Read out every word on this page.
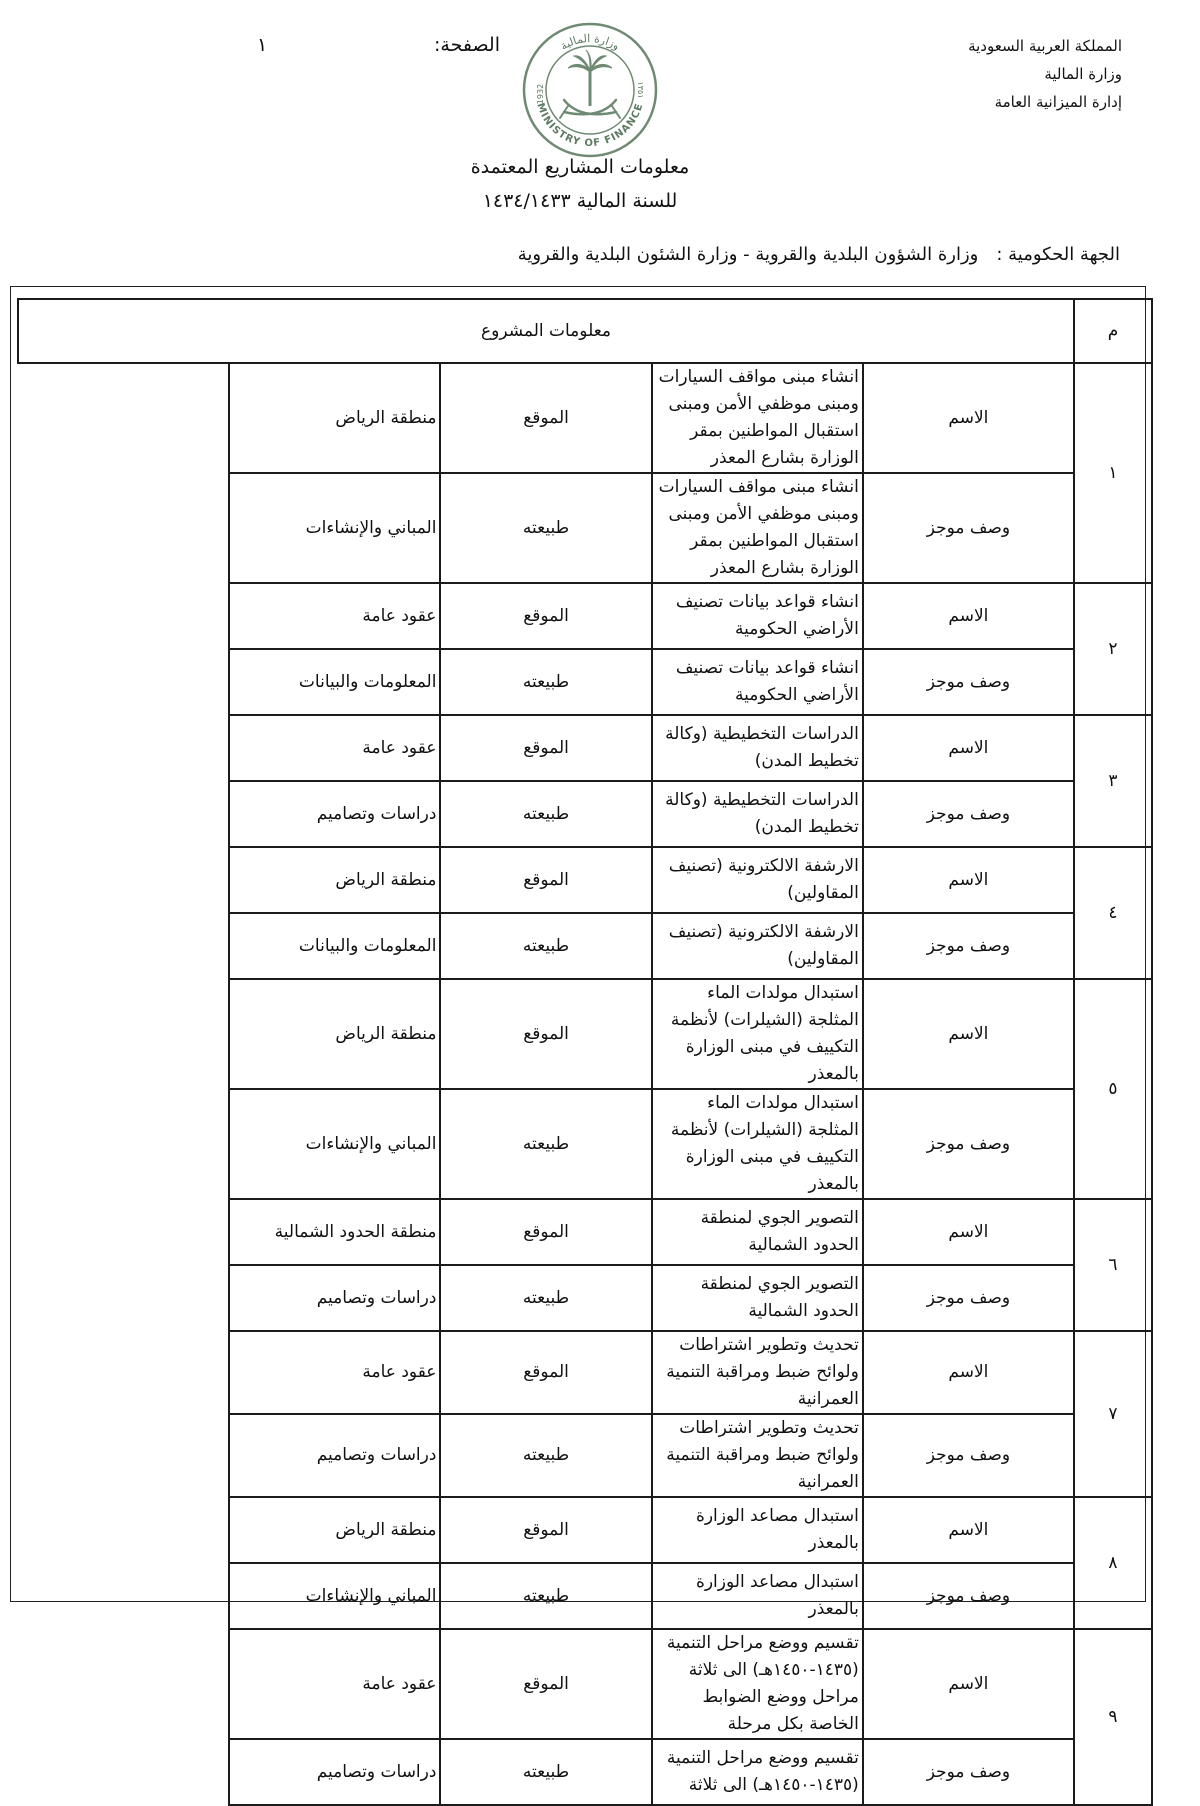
المملكة العربية السعودية
وزارة المالية
إدارة الميزانية العامة
الصفحة:
١	وزارة المالية
MINISTRY OF FINANCE
1932	١٣٥١
معلومات المشاريع المعتمدة
للسنة المالية ١٤٣٤/١٤٣٣
الجهة الحكومية :وزارة الشؤون البلدية والقروية - وزارة الشئون البلدية والقروية
م	معلومات المشروع			
١	الاسم	انشاء مبنى مواقف السيارات ومبنى موظفي الأمن ومبنى استقبال المواطنين بمقر الوزارة بشارع المعذر	الموقع	منطقة الرياض
	وصف موجز	انشاء مبنى مواقف السيارات ومبنى موظفي الأمن ومبنى استقبال المواطنين بمقر الوزارة بشارع المعذر	طبيعته	المباني والإنشاءات
٢	الاسم	انشاء قواعد بيانات تصنيف الأراضي الحكومية	الموقع	عقود عامة
	وصف موجز	انشاء قواعد بيانات تصنيف الأراضي الحكومية	طبيعته	المعلومات والبيانات
٣	الاسم	الدراسات التخطيطية (وكالة تخطيط المدن)	الموقع	عقود عامة
	وصف موجز	الدراسات التخطيطية (وكالة تخطيط المدن)	طبيعته	دراسات وتصاميم
٤	الاسم	الارشفة الالكترونية (تصنيف المقاولين)	الموقع	منطقة الرياض
	وصف موجز	الارشفة الالكترونية (تصنيف المقاولين)	طبيعته	المعلومات والبيانات
٥	الاسم	استبدال مولدات الماء المثلجة (الشيلرات) لأنظمة التكييف في مبنى الوزارة بالمعذر	الموقع	منطقة الرياض
	وصف موجز	استبدال مولدات الماء المثلجة (الشيلرات) لأنظمة التكييف في مبنى الوزارة بالمعذر	طبيعته	المباني والإنشاءات
٦	الاسم	التصوير الجوي لمنطقة الحدود الشمالية	الموقع	منطقة الحدود الشمالية
	وصف موجز	التصوير الجوي لمنطقة الحدود الشمالية	طبيعته	دراسات وتصاميم
٧	الاسم	تحديث وتطوير اشتراطات ولوائح ضبط ومراقبة التنمية العمرانية	الموقع	عقود عامة
	وصف موجز	تحديث وتطوير اشتراطات ولوائح ضبط ومراقبة التنمية العمرانية	طبيعته	دراسات وتصاميم
٨	الاسم	استبدال مصاعد الوزارة بالمعذر	الموقع	منطقة الرياض
	وصف موجز	استبدال مصاعد الوزارة بالمعذر	طبيعته	المباني والإنشاءات
٩	الاسم	تقسيم ووضع مراحل التنمية (١٤٣٥-١٤٥٠هـ) الى ثلاثة مراحل ووضع الضوابط الخاصة بكل مرحلة	الموقع	عقود عامة
	وصف موجز	تقسيم ووضع مراحل التنمية (١٤٣٥-١٤٥٠هـ) الى ثلاثة	طبيعته	دراسات وتصاميم
